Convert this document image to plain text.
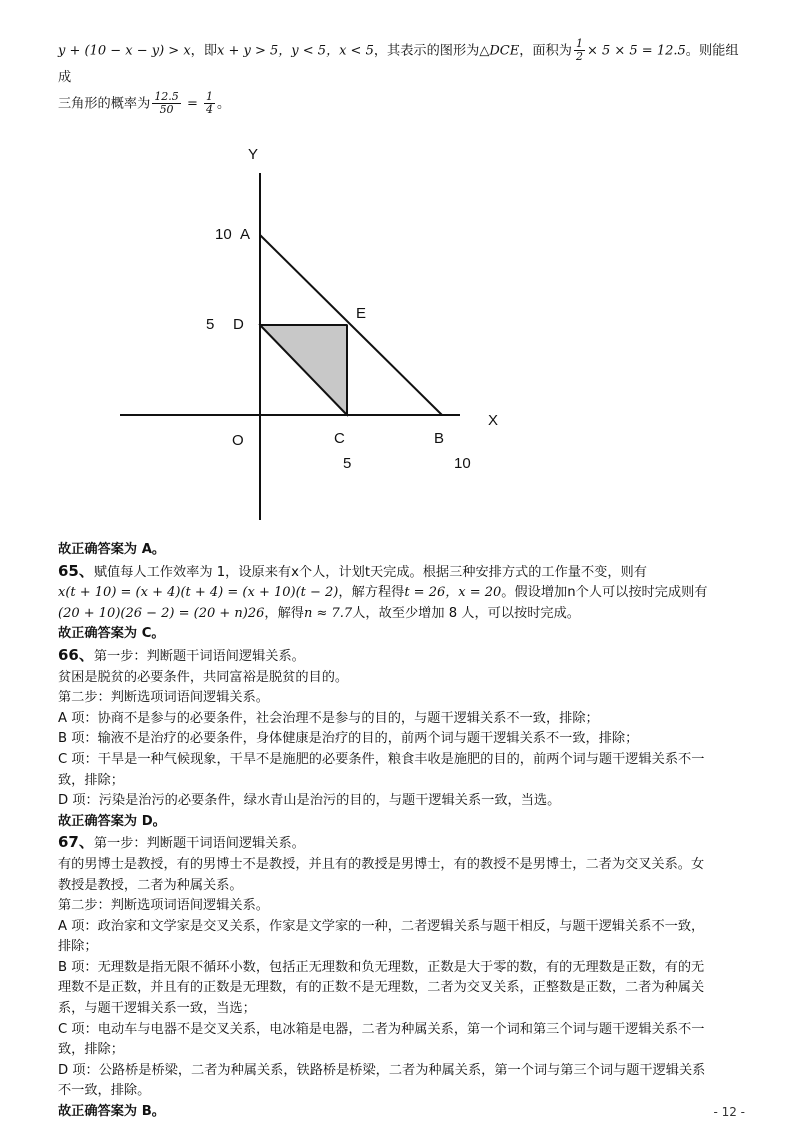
y + (10 − x − y) > x，即x + y > 5，y < 5，x < 5，其表示的图形为△DCE，面积为 $\frac{1}{2} \times 5 \times 5 = 12.5$。则能组成
三角形的概率为 $\frac{12.5}{50} = \frac{1}{4}$ 。
Y
X
O
10 A
5 D
E
C
5
B
10
故正确答案为 A。
65、赋值每人工作效率为 1，设原来有x个人，计划t天完成。根据三种安排方式的工作量不变，则有
x(t + 10) = (x + 4)(t + 4) = (x + 10)(t − 2)，解方程得t = 26，x = 20。假设增加n个人可以按时完成则有
(20 + 10)(26 − 2) = (20 + n)26，解得n ≈ 7.7人，故至少增加 8 人，可以按时完成。
故正确答案为 C。
66、第一步：判断题干词语间逻辑关系。
贫困是脱贫的必要条件，共同富裕是脱贫的目的。
第二步：判断选项词语间逻辑关系。
A 项：协商不是参与的必要条件，社会治理不是参与的目的，与题干逻辑关系不一致，排除；
B 项：输液不是治疗的必要条件，身体健康是治疗的目的，前两个词与题干逻辑关系不一致，排除；
C 项：干旱是一种气候现象，干旱不是施肥的必要条件，粮食丰收是施肥的目的，前两个词与题干逻辑关系不一
致，排除；
D 项：污染是治污的必要条件，绿水青山是治污的目的，与题干逻辑关系一致，当选。
故正确答案为 D。
67、第一步：判断题干词语间逻辑关系。
有的男博士是教授，有的男博士不是教授，并且有的教授是男博士，有的教授不是男博士，二者为交叉关系。女
教授是教授，二者为种属关系。
第二步：判断选项词语间逻辑关系。
A 项：政治家和文学家是交叉关系，作家是文学家的一种，二者逻辑关系与题干相反，与题干逻辑关系不一致，
排除；
B 项：无理数是指无限不循环小数，包括正无理数和负无理数，正数是大于零的数，有的无理数是正数，有的无
理数不是正数，并且有的正数是无理数，有的正数不是无理数，二者为交叉关系，正整数是正数，二者为种属关
系，与题干逻辑关系一致，当选；
C 项：电动车与电器不是交叉关系，电冰箱是电器，二者为种属关系，第一个词和第三个词与题干逻辑关系不一
致，排除；
D 项：公路桥是桥梁，二者为种属关系，铁路桥是桥梁，二者为种属关系，第一个词与第三个词与题干逻辑关系
不一致，排除。
故正确答案为 B。	- 12 -
